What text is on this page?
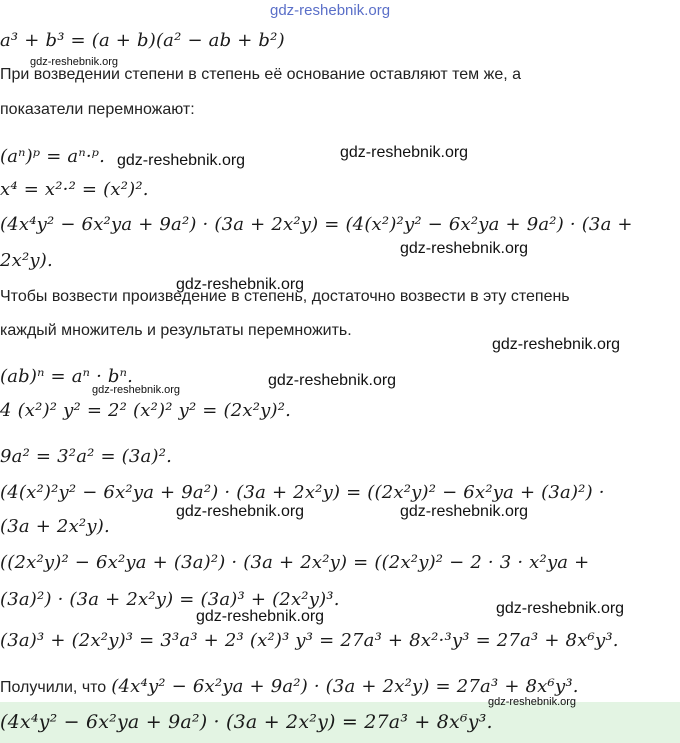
a³ + b³ = (a + b)(a² − ab + b²)
При возведении степени в степень её основание оставляют тем же, а
показатели перемножают:
(aⁿ)ᵖ = aⁿ·ᵖ.
x⁴ = x²·² = (x²)².
(4x⁴y² − 6x²ya + 9a²) · (3a + 2x²y) = (4(x²)²y² − 6x²ya + 9a²) · (3a +
2x²y).
Чтобы возвести произведение в степень, достаточно возвести в эту степень
каждый множитель и результаты перемножить.
(ab)ⁿ = aⁿ · bⁿ.
4 (x²)² y² = 2² (x²)² y² = (2x²y)².
9a² = 3²a² = (3a)².
(4(x²)²y² − 6x²ya + 9a²) · (3a + 2x²y) = ((2x²y)² − 6x²ya + (3a)²) ·
(3a + 2x²y).
((2x²y)² − 6x²ya + (3a)²) · (3a + 2x²y) = ((2x²y)² − 2 · 3 · x²ya +
(3a)²) · (3a + 2x²y) = (3a)³ + (2x²y)³.
(3a)³ + (2x²y)³ = 3³a³ + 2³ (x²)³ y³ = 27a³ + 8x²·³y³ = 27a³ + 8x⁶y³.
Получили, что (4x⁴y² − 6x²ya + 9a²) · (3a + 2x²y) = 27a³ + 8x⁶y³.
(4x⁴y² − 6x²ya + 9a²) · (3a + 2x²y) = 27a³ + 8x⁶y³.
gdz-reshebnik.org
gdz-reshebnik.org
gdz-reshebnik.org	gdz-reshebnik.org
gdz-reshebnik.org
gdz-reshebnik.org
gdz-reshebnik.org
gdz-reshebnik.org
gdz-reshebnik.org
gdz-reshebnik.org	gdz-reshebnik.org
gdz-reshebnik.org	gdz-reshebnik.org
gdz-reshebnik.org
